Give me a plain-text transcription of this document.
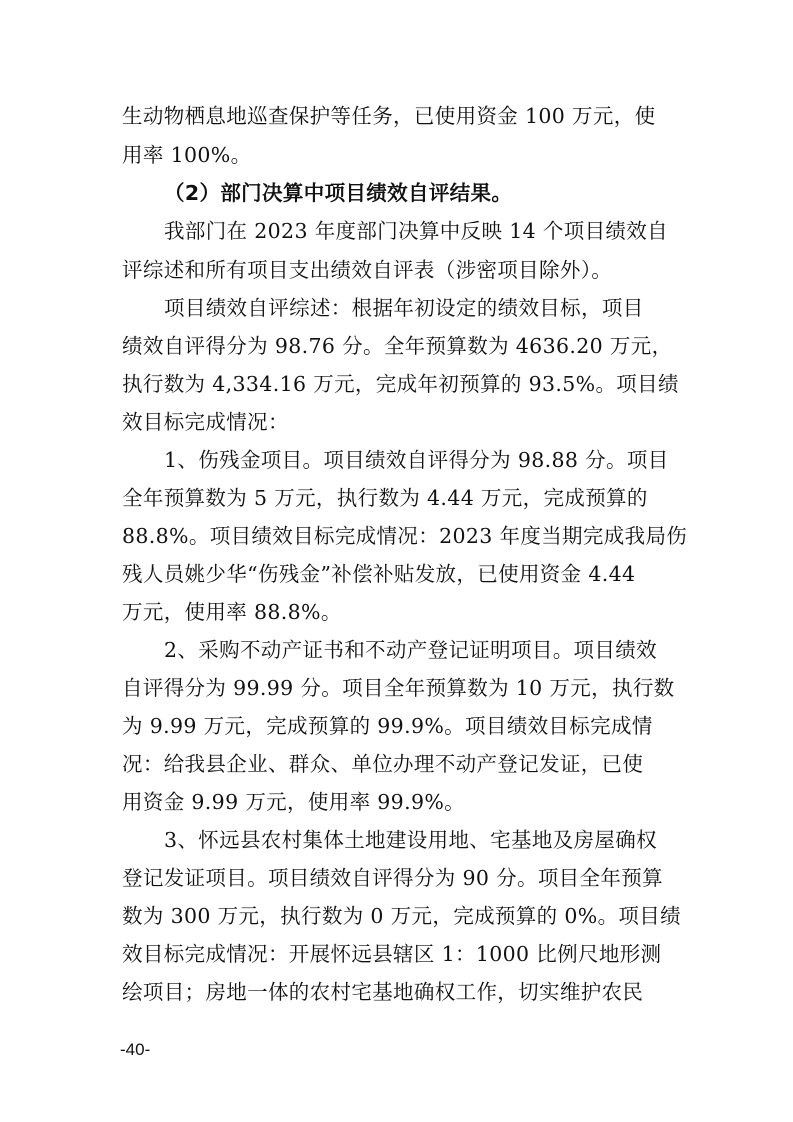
生动物栖息地巡查保护等任务，已使用资金 100 万元，使
用率 100%。
（2）部门决算中项目绩效自评结果。
我部门在 2023 年度部门决算中反映 14 个项目绩效自
评综述和所有项目支出绩效自评表（涉密项目除外）。
项目绩效自评综述：根据年初设定的绩效目标，项目
绩效自评得分为 98.76 分。全年预算数为 4636.20 万元，
执行数为 4,334.16 万元，完成年初预算的 93.5%。项目绩
效目标完成情况：
1、伤残金项目。项目绩效自评得分为 98.88 分。项目
全年预算数为 5 万元，执行数为 4.44 万元，完成预算的
88.8%。项目绩效目标完成情况：2023 年度当期完成我局伤
残人员姚少华“伤残金”补偿补贴发放，已使用资金 4.44
万元，使用率 88.8%。
2、采购不动产证书和不动产登记证明项目。项目绩效
自评得分为 99.99 分。项目全年预算数为 10 万元，执行数
为 9.99 万元，完成预算的 99.9%。项目绩效目标完成情
况：给我县企业、群众、单位办理不动产登记发证，已使
用资金 9.99 万元，使用率 99.9%。
3、怀远县农村集体土地建设用地、宅基地及房屋确权
登记发证项目。项目绩效自评得分为 90 分。项目全年预算
数为 300 万元，执行数为 0 万元，完成预算的 0%。项目绩
效目标完成情况：开展怀远县辖区 1：1000 比例尺地形测
绘项目；房地一体的农村宅基地确权工作，切实维护农民
-40-
